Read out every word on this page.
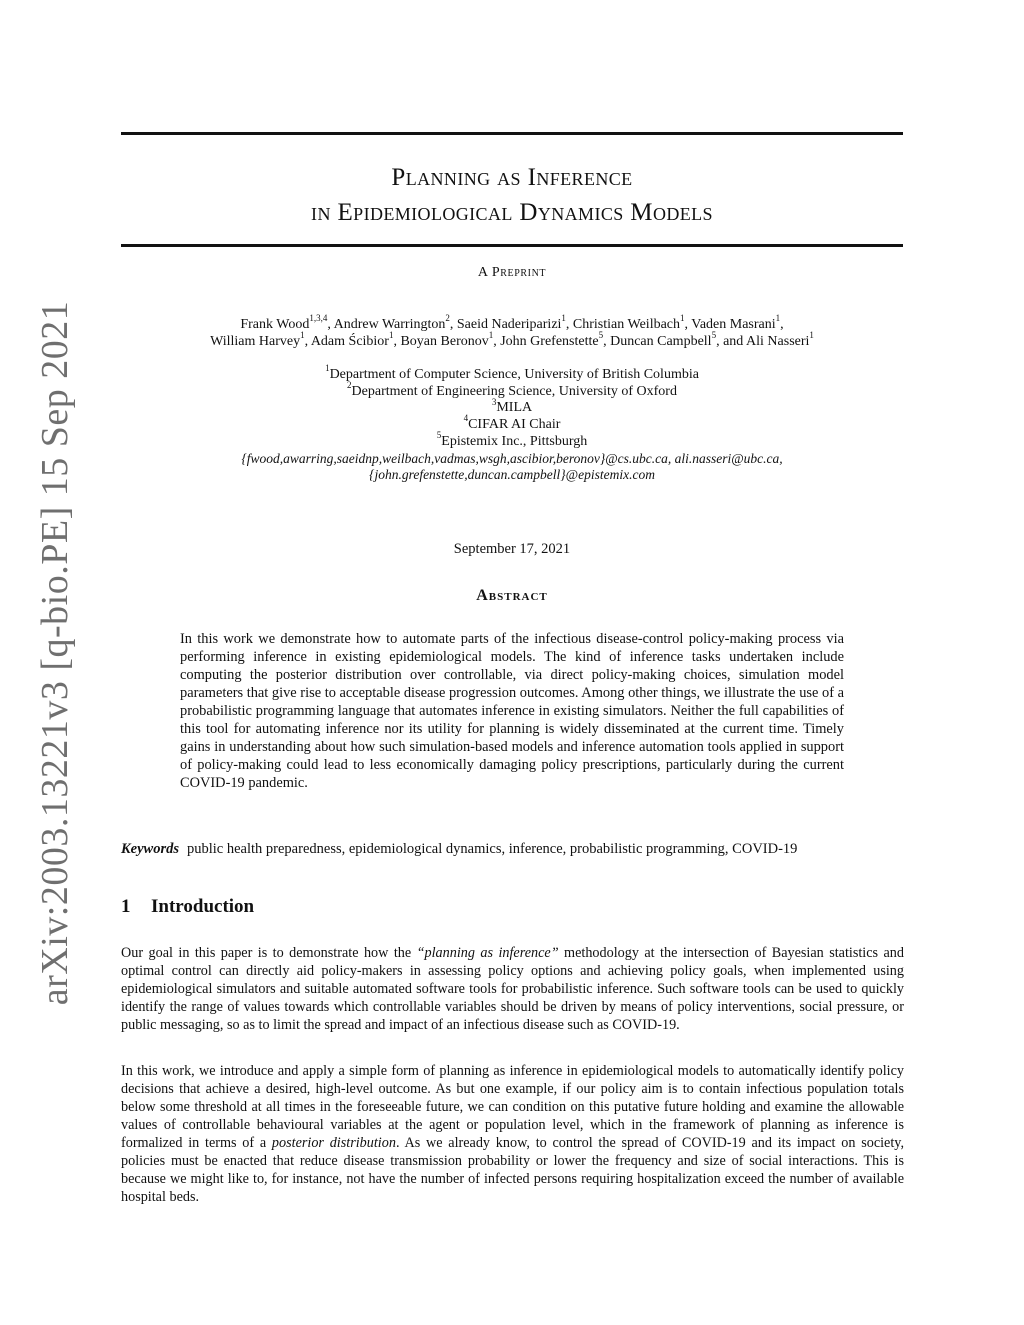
Planning as Inference
in Epidemiological Dynamics Models
A Preprint
Frank Wood$^{1,3,4}$, Andrew Warrington$^2$, Saeid Naderiparizi$^1$, Christian Weilbach$^1$, Vaden Masrani$^1$,
William Harvey$^1$, Adam Ścibior$^1$, Boyan Beronov$^1$, John Grefenstette$^5$, Duncan Campbell$^5$, and Ali Nasseri$^1$
$^1$Department of Computer Science, University of British Columbia
$^2$Department of Engineering Science, University of Oxford
$^3$MILA
$^4$CIFAR AI Chair
$^5$Epistemix Inc., Pittsburgh
{fwood,awarring,saeidnp,weilbach,vadmas,wsgh,ascibior,beronov}@cs.ubc.ca, ali.nasseri@ubc.ca,
{john.grefenstette,duncan.campbell}@epistemix.com
September 17, 2021
Abstract
In this work we demonstrate how to automate parts of the infectious disease-control policy-making process via performing inference in existing epidemiological models. The kind of inference tasks undertaken include computing the posterior distribution over controllable, via direct policy-making choices, simulation model parameters that give rise to acceptable disease progression outcomes. Among other things, we illustrate the use of a probabilistic programming language that automates inference in existing simulators. Neither the full capabilities of this tool for automating inference nor its utility for planning is widely disseminated at the current time. Timely gains in understanding about how such simulation-based models and inference automation tools applied in support of policy-making could lead to less economically damaging policy prescriptions, particularly during the current COVID-19 pandemic.
Keywords public health preparedness, epidemiological dynamics, inference, probabilistic programming, COVID-19
1 Introduction

Our goal in this paper is to demonstrate how the “planning as inference” methodology at the intersection of Bayesian statistics and optimal control can directly aid policy-makers in assessing policy options and achieving policy goals, when implemented using epidemiological simulators and suitable automated software tools for probabilistic inference. Such software tools can be used to quickly identify the range of values towards which controllable variables should be driven by means of policy interventions, social pressure, or public messaging, so as to limit the spread and impact of an infectious disease such as COVID-19.

In this work, we introduce and apply a simple form of planning as inference in epidemiological models to automatically identify policy decisions that achieve a desired, high-level outcome. As but one example, if our policy aim is to contain infectious population totals below some threshold at all times in the foreseeable future, we can condition on this putative future holding and examine the allowable values of controllable behavioural variables at the agent or population level, which in the framework of planning as inference is formalized in terms of a posterior distribution. As we already know, to control the spread of COVID-19 and its impact on society, policies must be enacted that reduce disease transmission probability or lower the frequency and size of social interactions. This is because we might like to, for instance, not have the number of infected persons requiring hospitalization exceed the number of available hospital beds.

arXiv:2003.13221v3 [q-bio.PE] 15 Sep 2021
